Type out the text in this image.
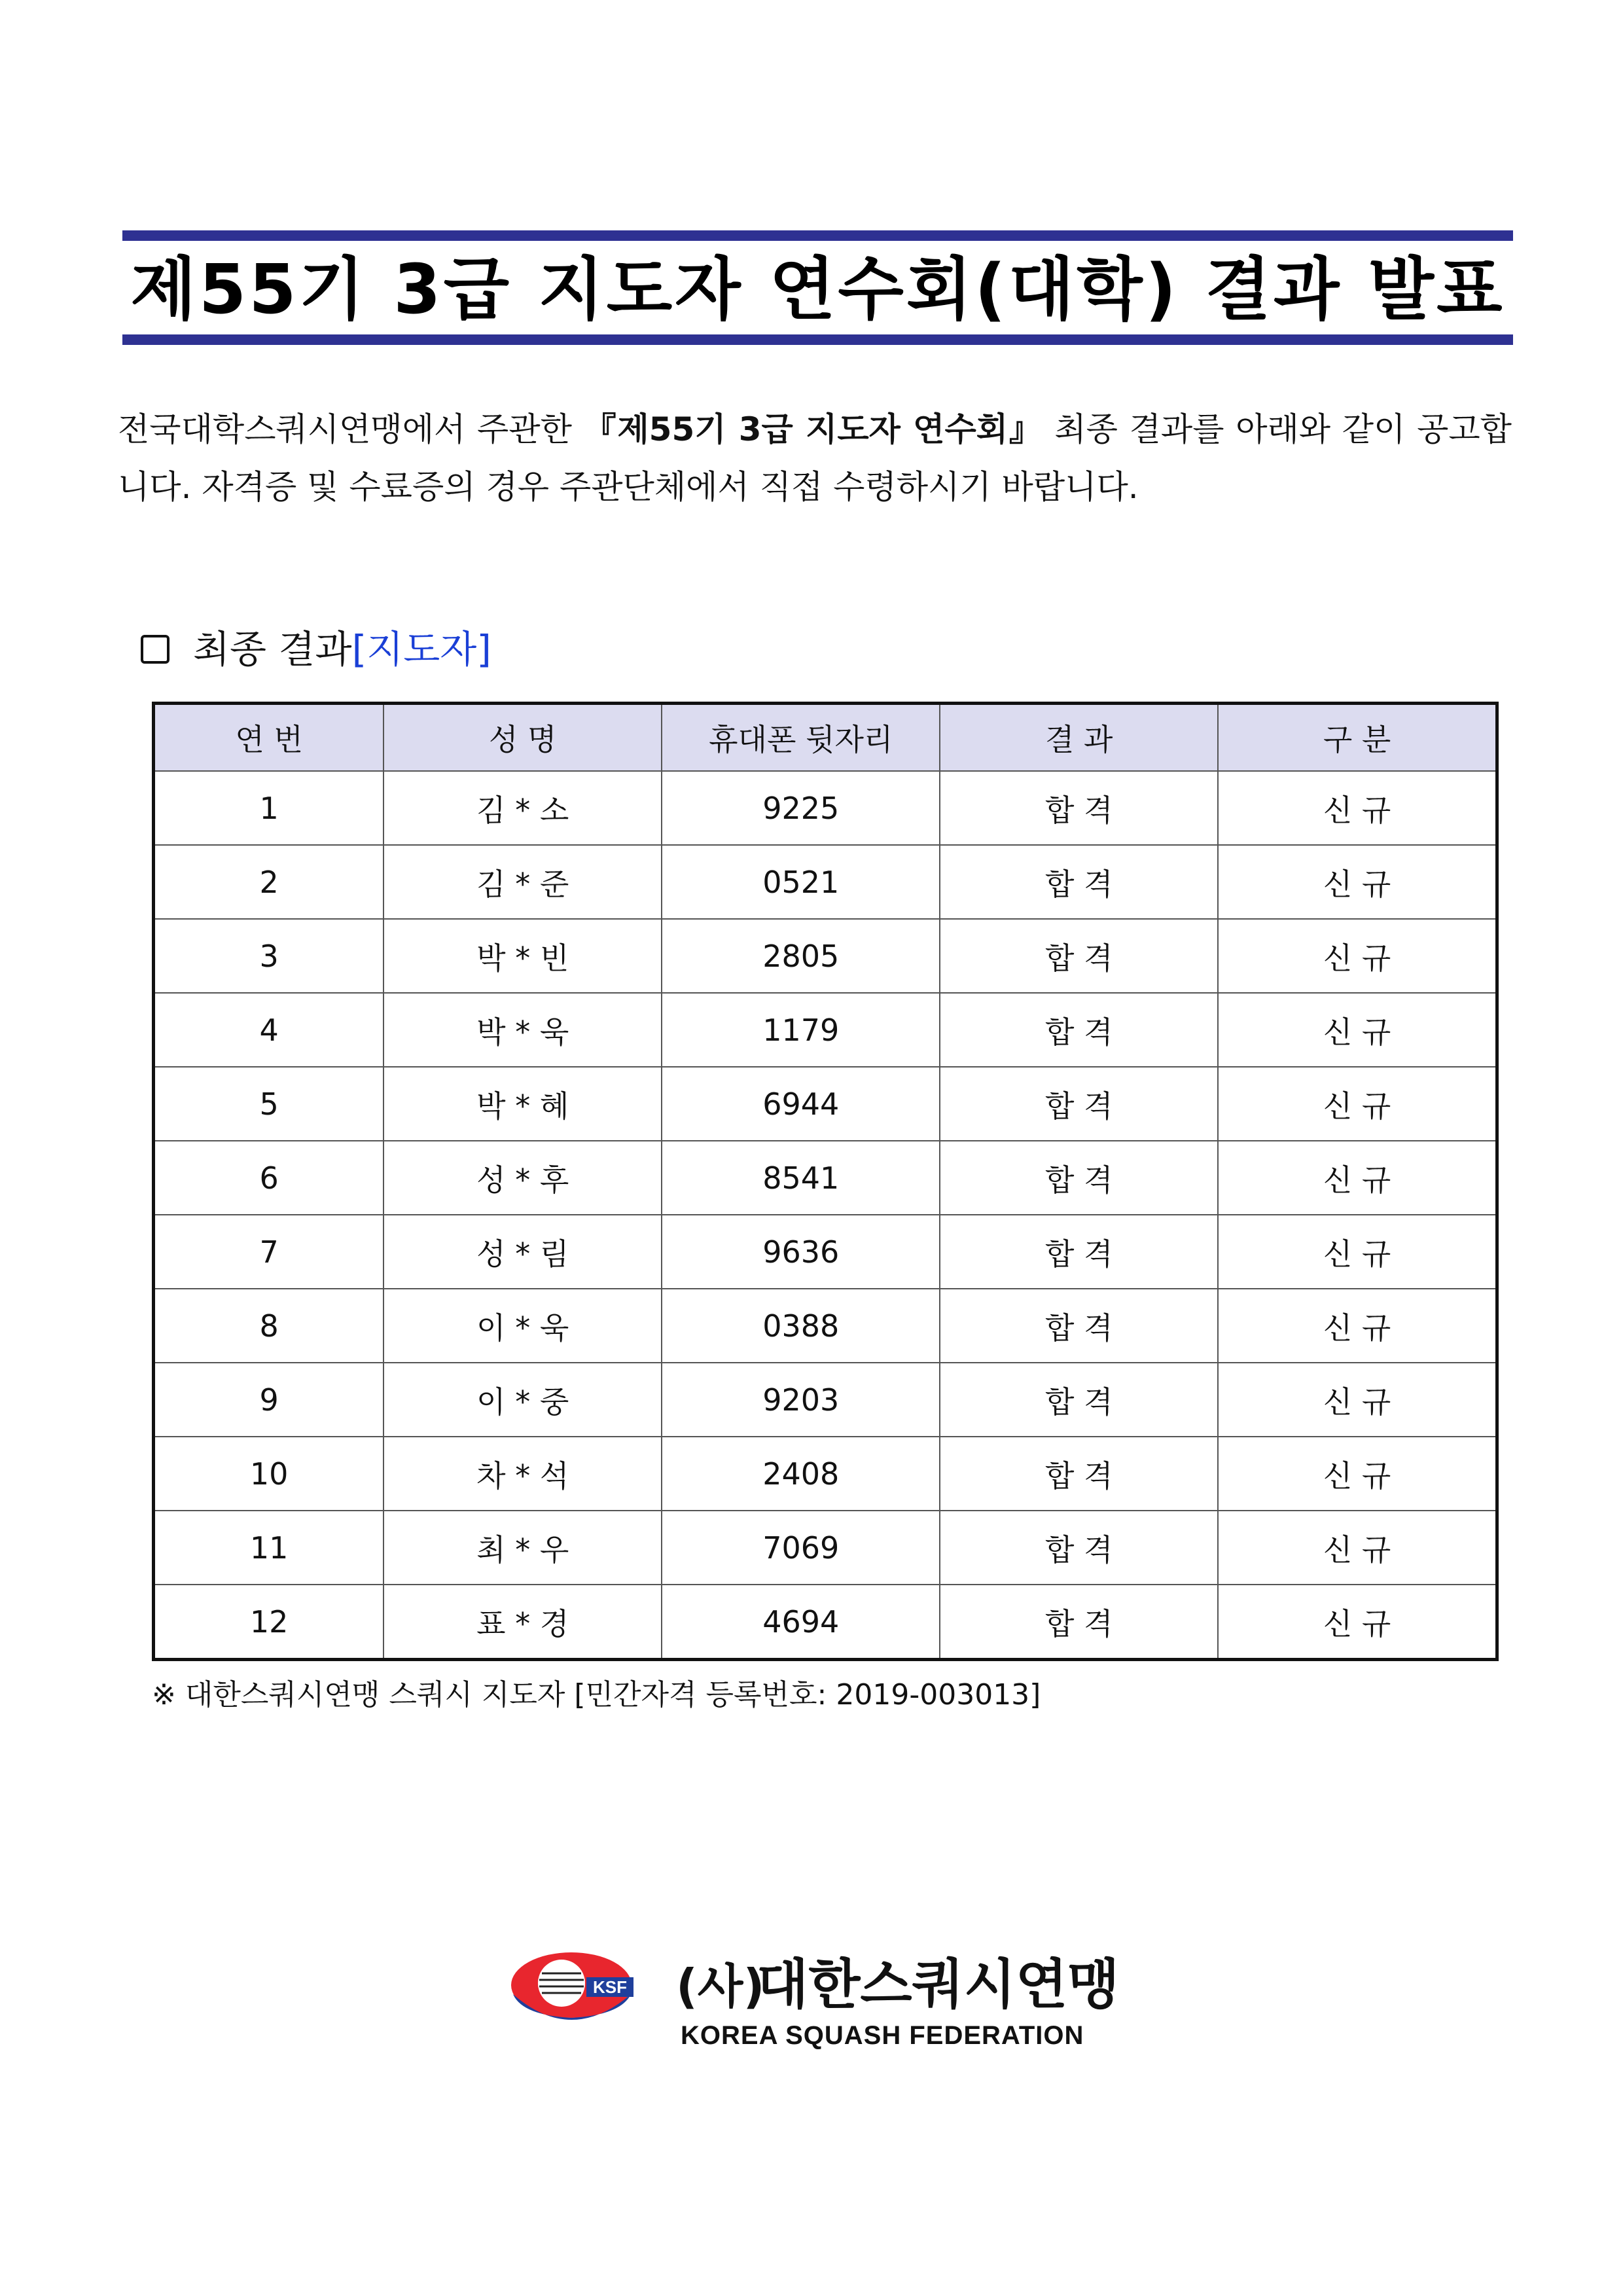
제55기 3급 지도자 연수회(대학) 결과 발표
전국대학스쿼시연맹에서 주관한 『제55기 3급 지도자 연수회』 최종 결과를 아래와 같이 공고합니다. 자격증 및 수료증의 경우 주관단체에서 직접 수령하시기 바랍니다.
최종 결과 [지도자]
연 번	성 명	휴대폰 뒷자리	결 과	구 분
1	김 * 소	9225	합 격	신 규
2	김 * 준	0521	합 격	신 규
3	박 * 빈	2805	합 격	신 규
4	박 * 욱	1179	합 격	신 규
5	박 * 혜	6944	합 격	신 규
6	성 * 후	8541	합 격	신 규
7	성 * 림	9636	합 격	신 규
8	이 * 욱	0388	합 격	신 규
9	이 * 중	9203	합 격	신 규
10	차 * 석	2408	합 격	신 규
11	최 * 우	7069	합 격	신 규
12	표 * 경	4694	합 격	신 규
※ 대한스쿼시연맹 스쿼시 지도자 [민간자격 등록번호: 2019-003013]
KSF (사)
대한스쿼시연맹
KOREA SQUASH FEDERATION
